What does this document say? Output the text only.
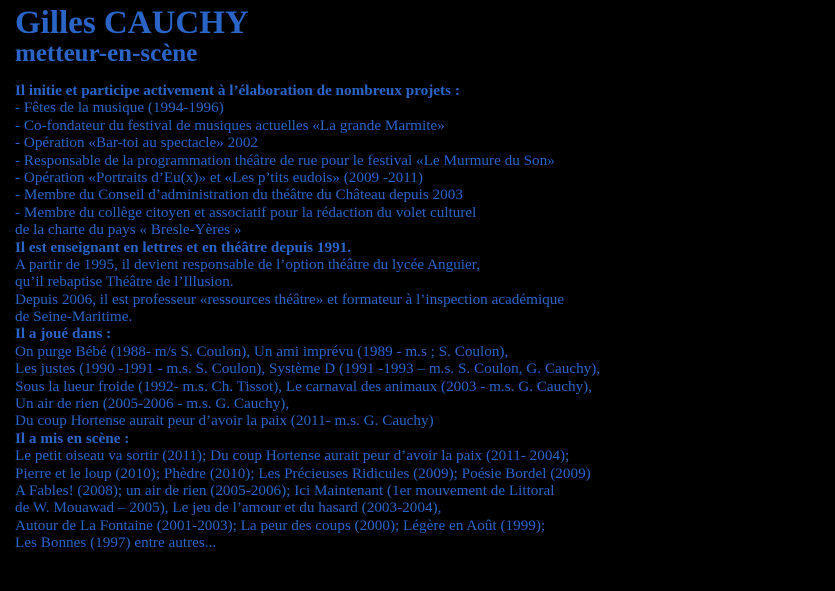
Gilles CAUCHY
metteur-en-scène
Il initie et participe activement à l’élaboration de nombreux projets :
- Fêtes de la musique (1994-1996)
- Co-fondateur du festival de musiques actuelles «La grande Marmite»
- Opération «Bar-toi au spectacle» 2002
- Responsable de la programmation théâtre de rue pour le festival «Le Murmure du Son»
- Opération «Portraits d’Eu(x)» et «Les p’tits eudois» (2009 -2011)
- Membre du Conseil d’administration du théâtre du Château depuis 2003
- Membre du collège citoyen et associatif pour la rédaction du volet culturel
de la charte du pays « Bresle-Yères »
Il est enseignant en lettres et en théâtre depuis 1991.
A partir de 1995, il devient responsable de l’option théâtre du lycée Anguier,
qu’il rebaptise Théâtre de l’Illusion.
Depuis 2006, il est professeur «ressources théâtre» et formateur à l’inspection académique
de Seine-Maritime.
Il a joué dans :
On purge Bébé (1988- m/s S. Coulon), Un ami imprévu (1989 - m.s ; S. Coulon),
Les justes (1990 -1991 - m.s. S. Coulon), Système D (1991 -1993 – m.s. S. Coulon, G. Cauchy),
Sous la lueur froide (1992- m.s. Ch. Tissot), Le carnaval des animaux (2003 - m.s. G. Cauchy),
Un air de rien (2005-2006 - m.s. G. Cauchy),
Du coup Hortense aurait peur d’avoir la paix (2011- m.s. G. Cauchy)
Il a mis en scène :
Le petit oiseau va sortir (2011); Du coup Hortense aurait peur d’avoir la paix (2011- 2004);
Pierre et le loup (2010); Phèdre (2010); Les Précieuses Ridicules (2009); Poésie Bordel (2009)
A Fables! (2008); un air de rien (2005-2006); Ici Maintenant (1er mouvement de Littoral
de W. Mouawad – 2005), Le jeu de l’amour et du hasard (2003-2004),
Autour de La Fontaine (2001-2003); La peur des coups (2000); Légère en Août (1999);
Les Bonnes (1997) entre autres...
